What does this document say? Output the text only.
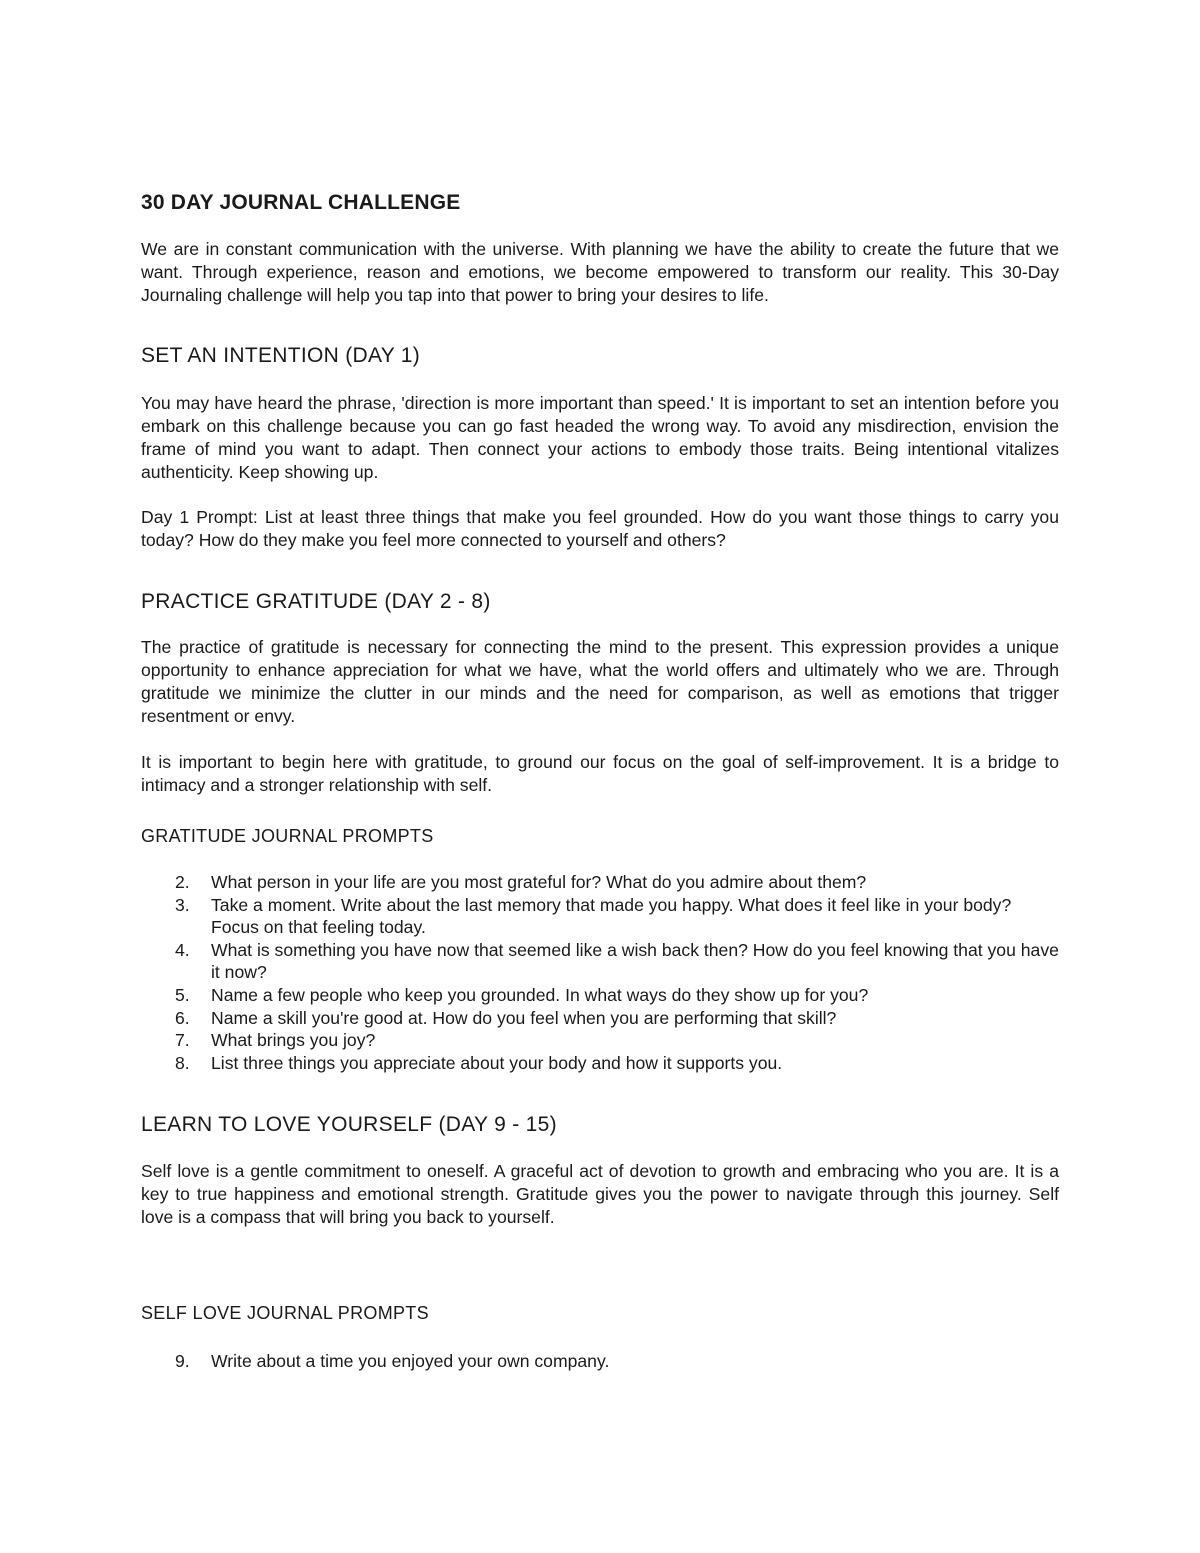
30 DAY JOURNAL CHALLENGE

We are in constant communication with the universe. With planning we have the ability to create the future that we want. Through experience, reason and emotions, we become empowered to transform our reality. This 30-Day Journaling challenge will help you tap into that power to bring your desires to life.

SET AN INTENTION (DAY 1)

You may have heard the phrase, 'direction is more important than speed.' It is important to set an intention before you embark on this challenge because you can go fast headed the wrong way. To avoid any misdirection, envision the frame of mind you want to adapt. Then connect your actions to embody those traits. Being intentional vitalizes authenticity. Keep showing up.

Day 1 Prompt: List at least three things that make you feel grounded. How do you want those things to carry you today? How do they make you feel more connected to yourself and others?

PRACTICE GRATITUDE (DAY 2 - 8)

The practice of gratitude is necessary for connecting the mind to the present. This expression provides a unique opportunity to enhance appreciation for what we have, what the world offers and ultimately who we are. Through gratitude we minimize the clutter in our minds and the need for comparison, as well as emotions that trigger resentment or envy.

It is important to begin here with gratitude, to ground our focus on the goal of self-improvement. It is a bridge to intimacy and a stronger relationship with self.

GRATITUDE JOURNAL PROMPTS
2. What person in your life are you most grateful for? What do you admire about them?
3. Take a moment. Write about the last memory that made you happy. What does it feel like in your body? Focus on that feeling today.
4. What is something you have now that seemed like a wish back then? How do you feel knowing that you have it now?
5. Name a few people who keep you grounded. In what ways do they show up for you?
6. Name a skill you're good at. How do you feel when you are performing that skill?
7. What brings you joy?
8. List three things you appreciate about your body and how it supports you.
LEARN TO LOVE YOURSELF (DAY 9 - 15)

Self love is a gentle commitment to oneself. A graceful act of devotion to growth and embracing who you are. It is a key to true happiness and emotional strength. Gratitude gives you the power to navigate through this journey. Self love is a compass that will bring you back to yourself.

SELF LOVE JOURNAL PROMPTS
9. Write about a time you enjoyed your own company.
